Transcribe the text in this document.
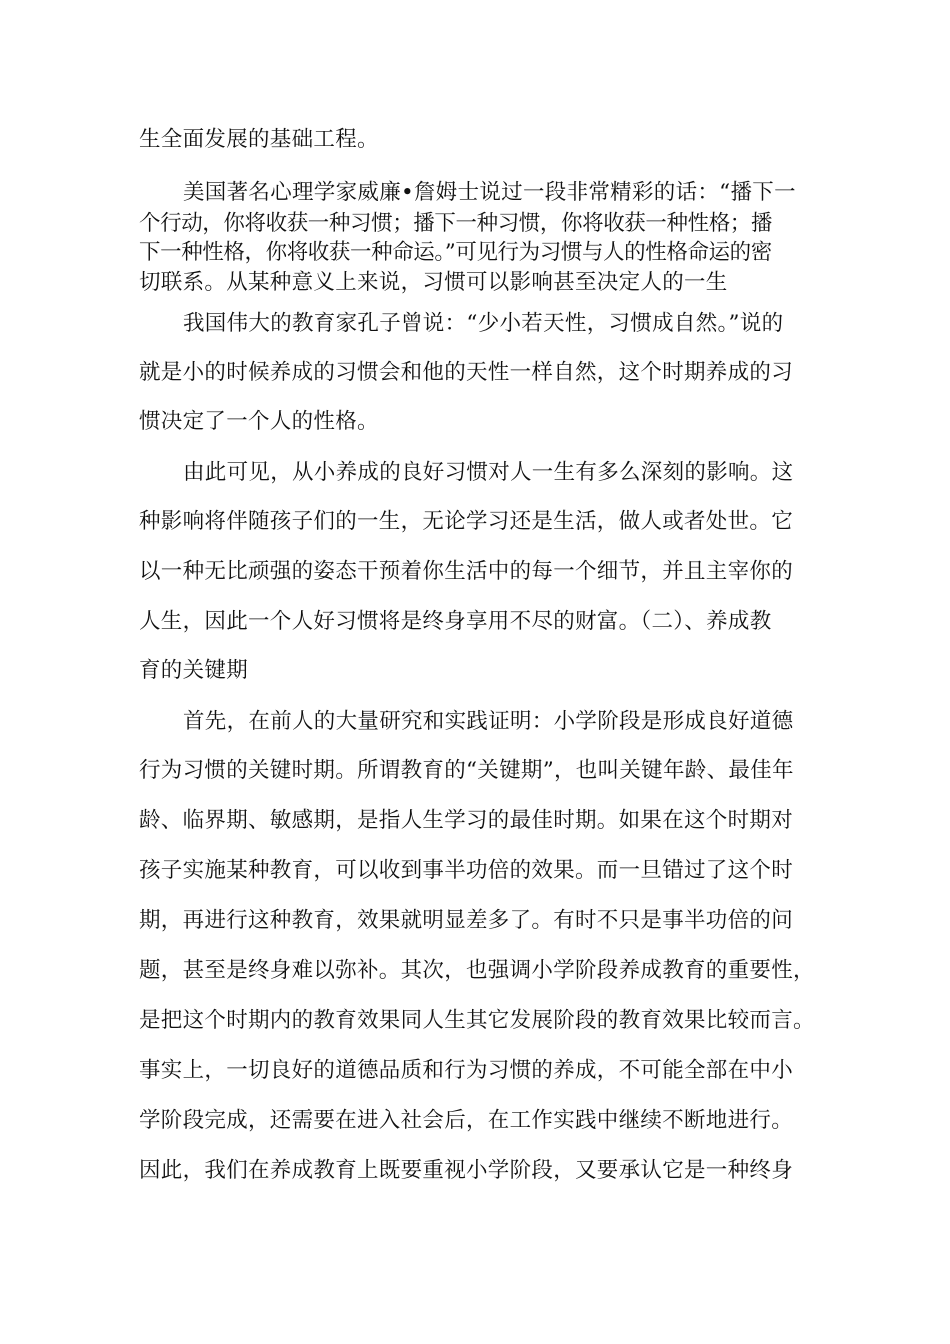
生全面发展的基础工程。
美国著名心理学家威廉•詹姆士说过一段非常精彩的话：“播下一
个行动，你将收获一种习惯；播下一种习惯，你将收获一种性格；播
下一种性格，你将收获一种命运。”可见行为习惯与人的性格命运的密
切联系。从某种意义上来说，习惯可以影响甚至决定人的一生
我国伟大的教育家孔子曾说：“少小若天性，习惯成自然。”说的
就是小的时候养成的习惯会和他的天性一样自然，这个时期养成的习
惯决定了一个人的性格。
由此可见，从小养成的良好习惯对人一生有多么深刻的影响。这
种影响将伴随孩子们的一生，无论学习还是生活，做人或者处世。它
以一种无比顽强的姿态干预着你生活中的每一个细节，并且主宰你的
人生，因此一个人好习惯将是终身享用不尽的财富。（二）、养成教
育的关键期
首先，在前人的大量研究和实践证明：小学阶段是形成良好道德
行为习惯的关键时期。所谓教育的“关键期”，也叫关键年龄、最佳年
龄、临界期、敏感期，是指人生学习的最佳时期。如果在这个时期对
孩子实施某种教育，可以收到事半功倍的效果。而一旦错过了这个时
期，再进行这种教育，效果就明显差多了。有时不只是事半功倍的问
题，甚至是终身难以弥补。其次，也强调小学阶段养成教育的重要性，
是把这个时期内的教育效果同人生其它发展阶段的教育效果比较而言。
事实上，一切良好的道德品质和行为习惯的养成，不可能全部在中小
学阶段完成，还需要在进入社会后，在工作实践中继续不断地进行。
因此，我们在养成教育上既要重视小学阶段，又要承认它是一种终身
